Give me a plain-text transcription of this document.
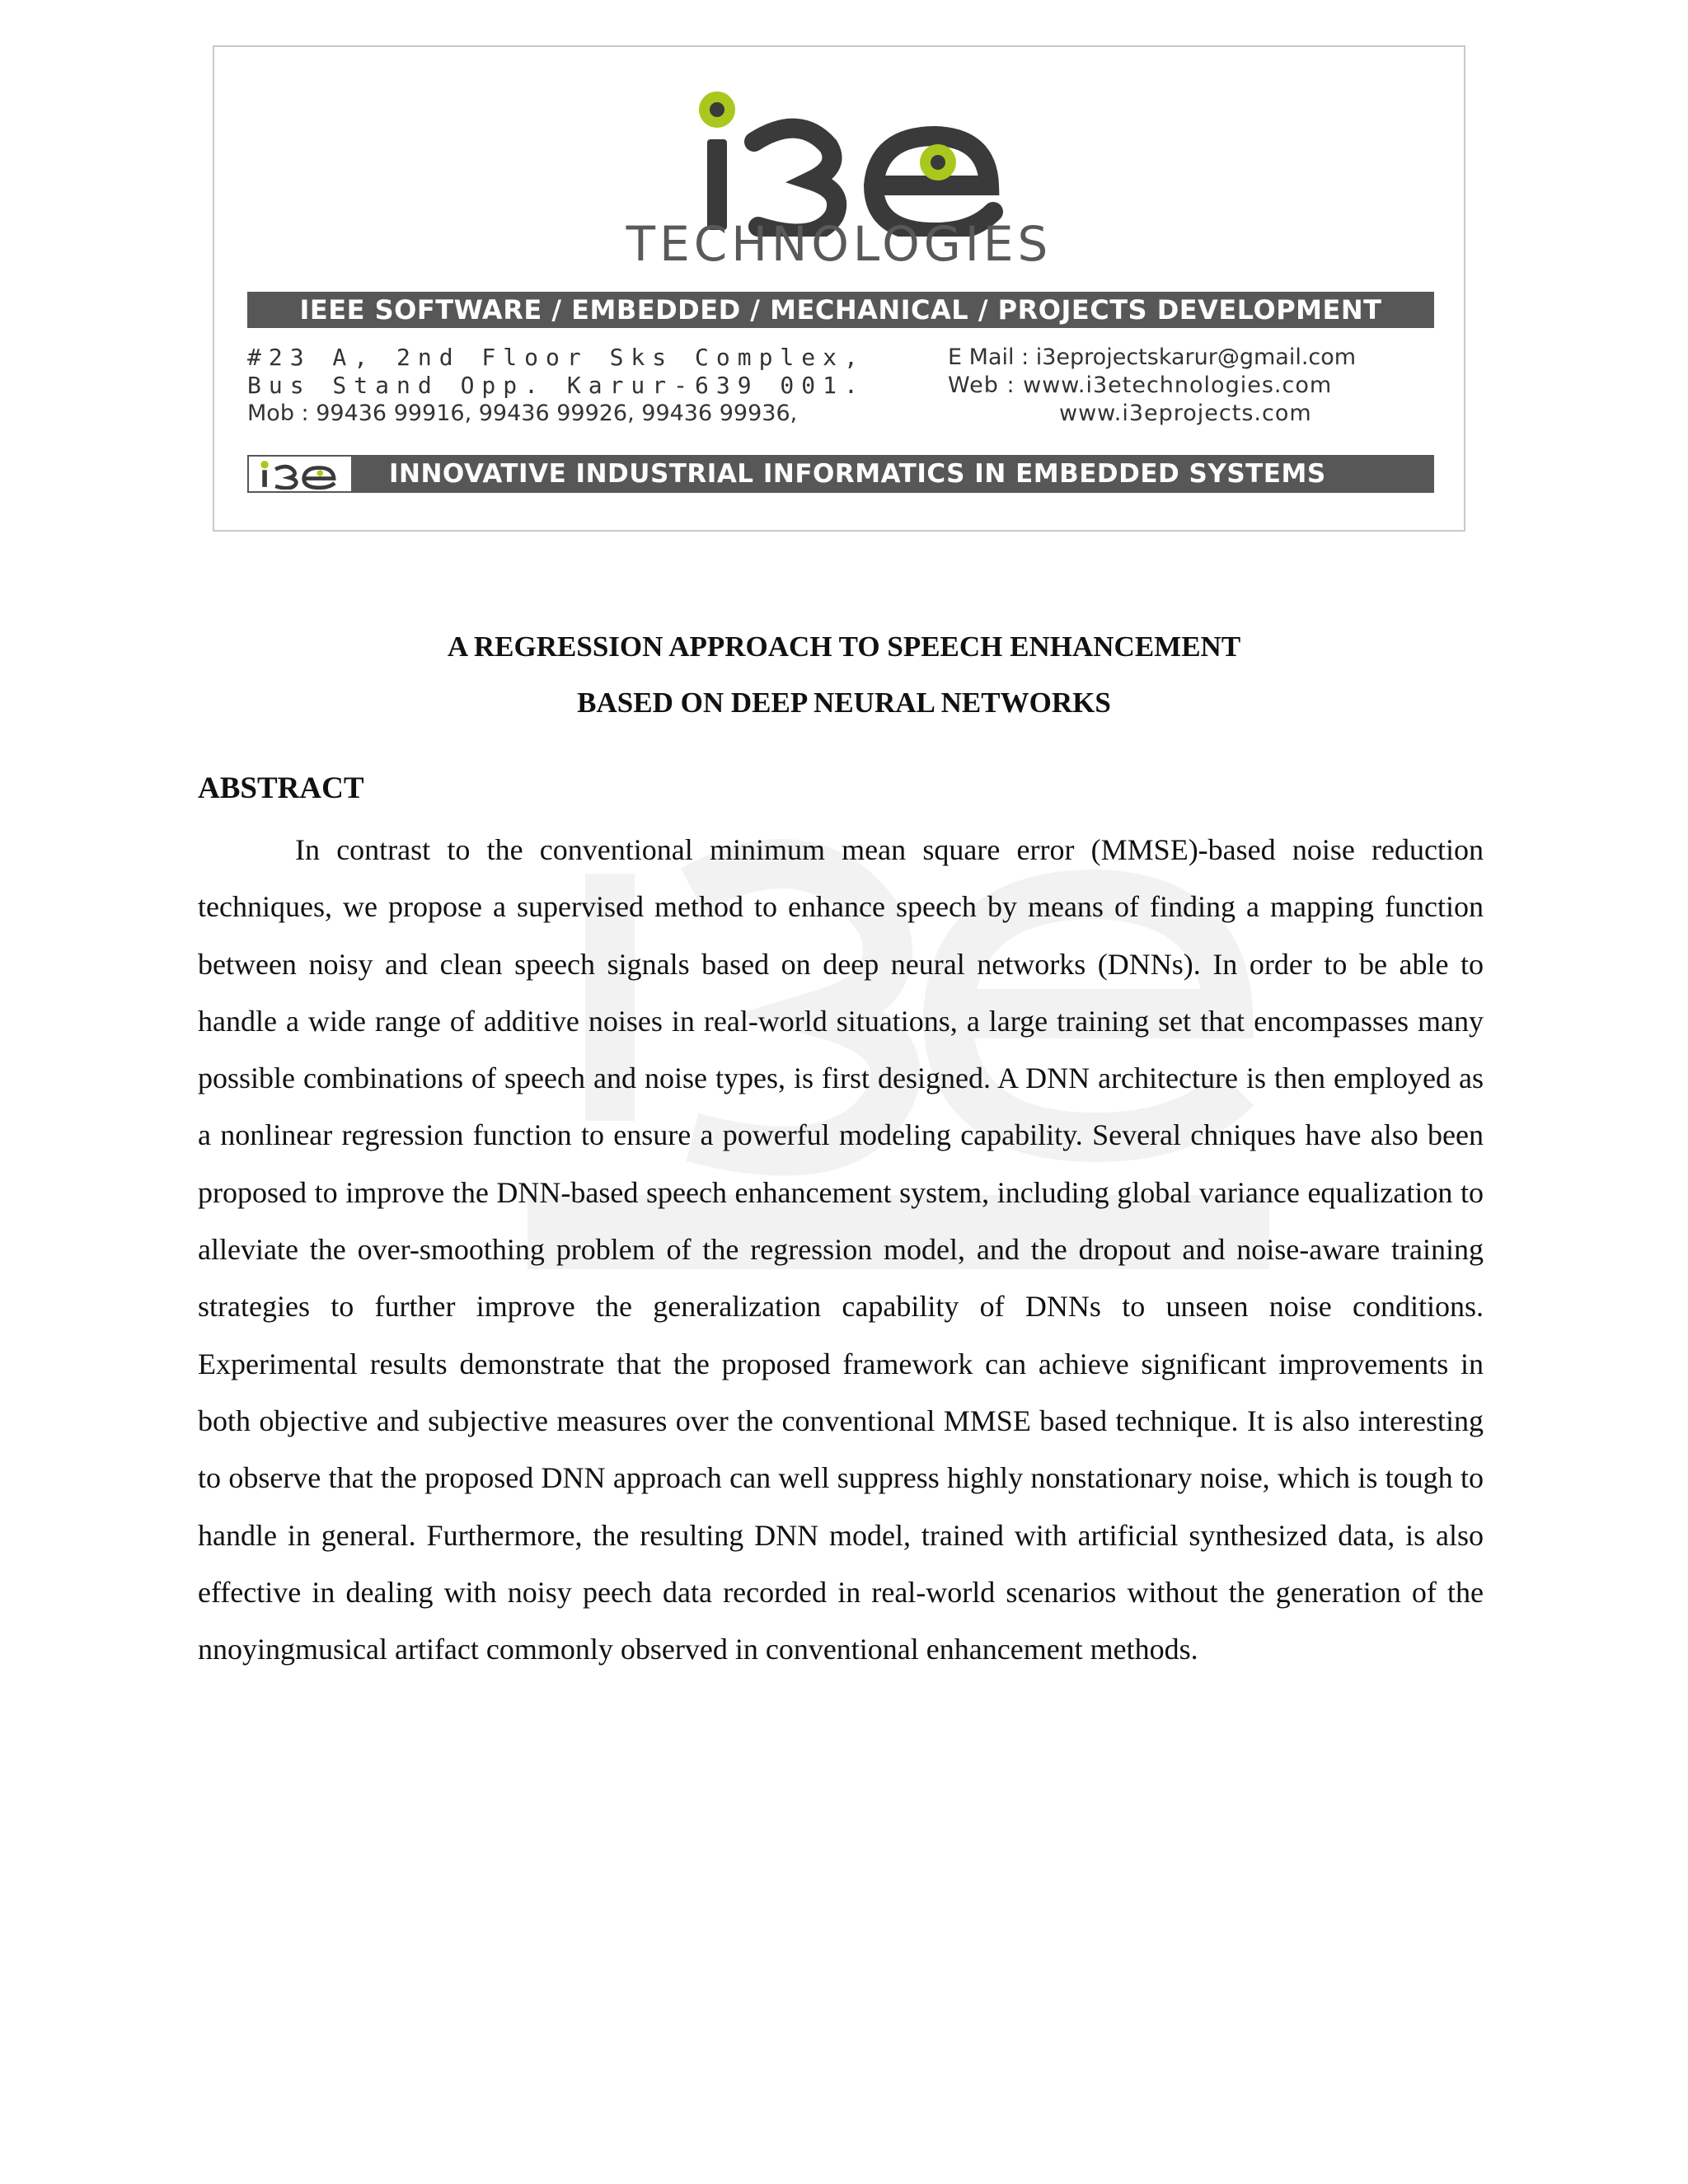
TECHNOLOGIES
IEEE SOFTWARE / EMBEDDED / MECHANICAL / PROJECTS DEVELOPMENT
#23 A, 2nd Floor Sks Complex,
Bus Stand Opp. Karur-639 001.
Mob : 99436 99916, 99436 99926, 99436 99936,
E Mail : i3eprojectskarur@gmail.com
Web : www.i3etechnologies.com
www.i3eprojects.com
INNOVATIVE INDUSTRIAL INFORMATICS IN EMBEDDED SYSTEMS
A REGRESSION APPROACH TO SPEECH ENHANCEMENT
BASED ON DEEP NEURAL NETWORKS
ABSTRACT

In contrast to the conventional minimum mean square error (MMSE)-based noise reduction techniques, we propose a supervised method to enhance speech by means of finding a mapping function between noisy and clean speech signals based on deep neural networks (DNNs). In order to be able to handle a wide range of additive noises in real-world situations, a large training set that encompasses many possible combinations of speech and noise types, is first designed. A DNN architecture is then employed as a nonlinear regression function to ensure a powerful modeling capability. Several chniques have also been proposed to improve the DNN-based speech enhancement system, including global variance equalization to alleviate the over-smoothing problem of the regression model, and the dropout and noise-aware training strategies to further improve the generalization capability of DNNs to unseen noise conditions. Experimental results demonstrate that the proposed framework can achieve significant improvements in both objective and subjective measures over the conventional MMSE based technique. It is also interesting to observe that the proposed DNN approach can well suppress highly nonstationary noise, which is tough to handle in general. Furthermore, the resulting DNN model, trained with artificial synthesized data, is also effective in dealing with noisy peech data recorded in real-world scenarios without the generation of the nnoyingmusical artifact commonly observed in conventional enhancement methods.
